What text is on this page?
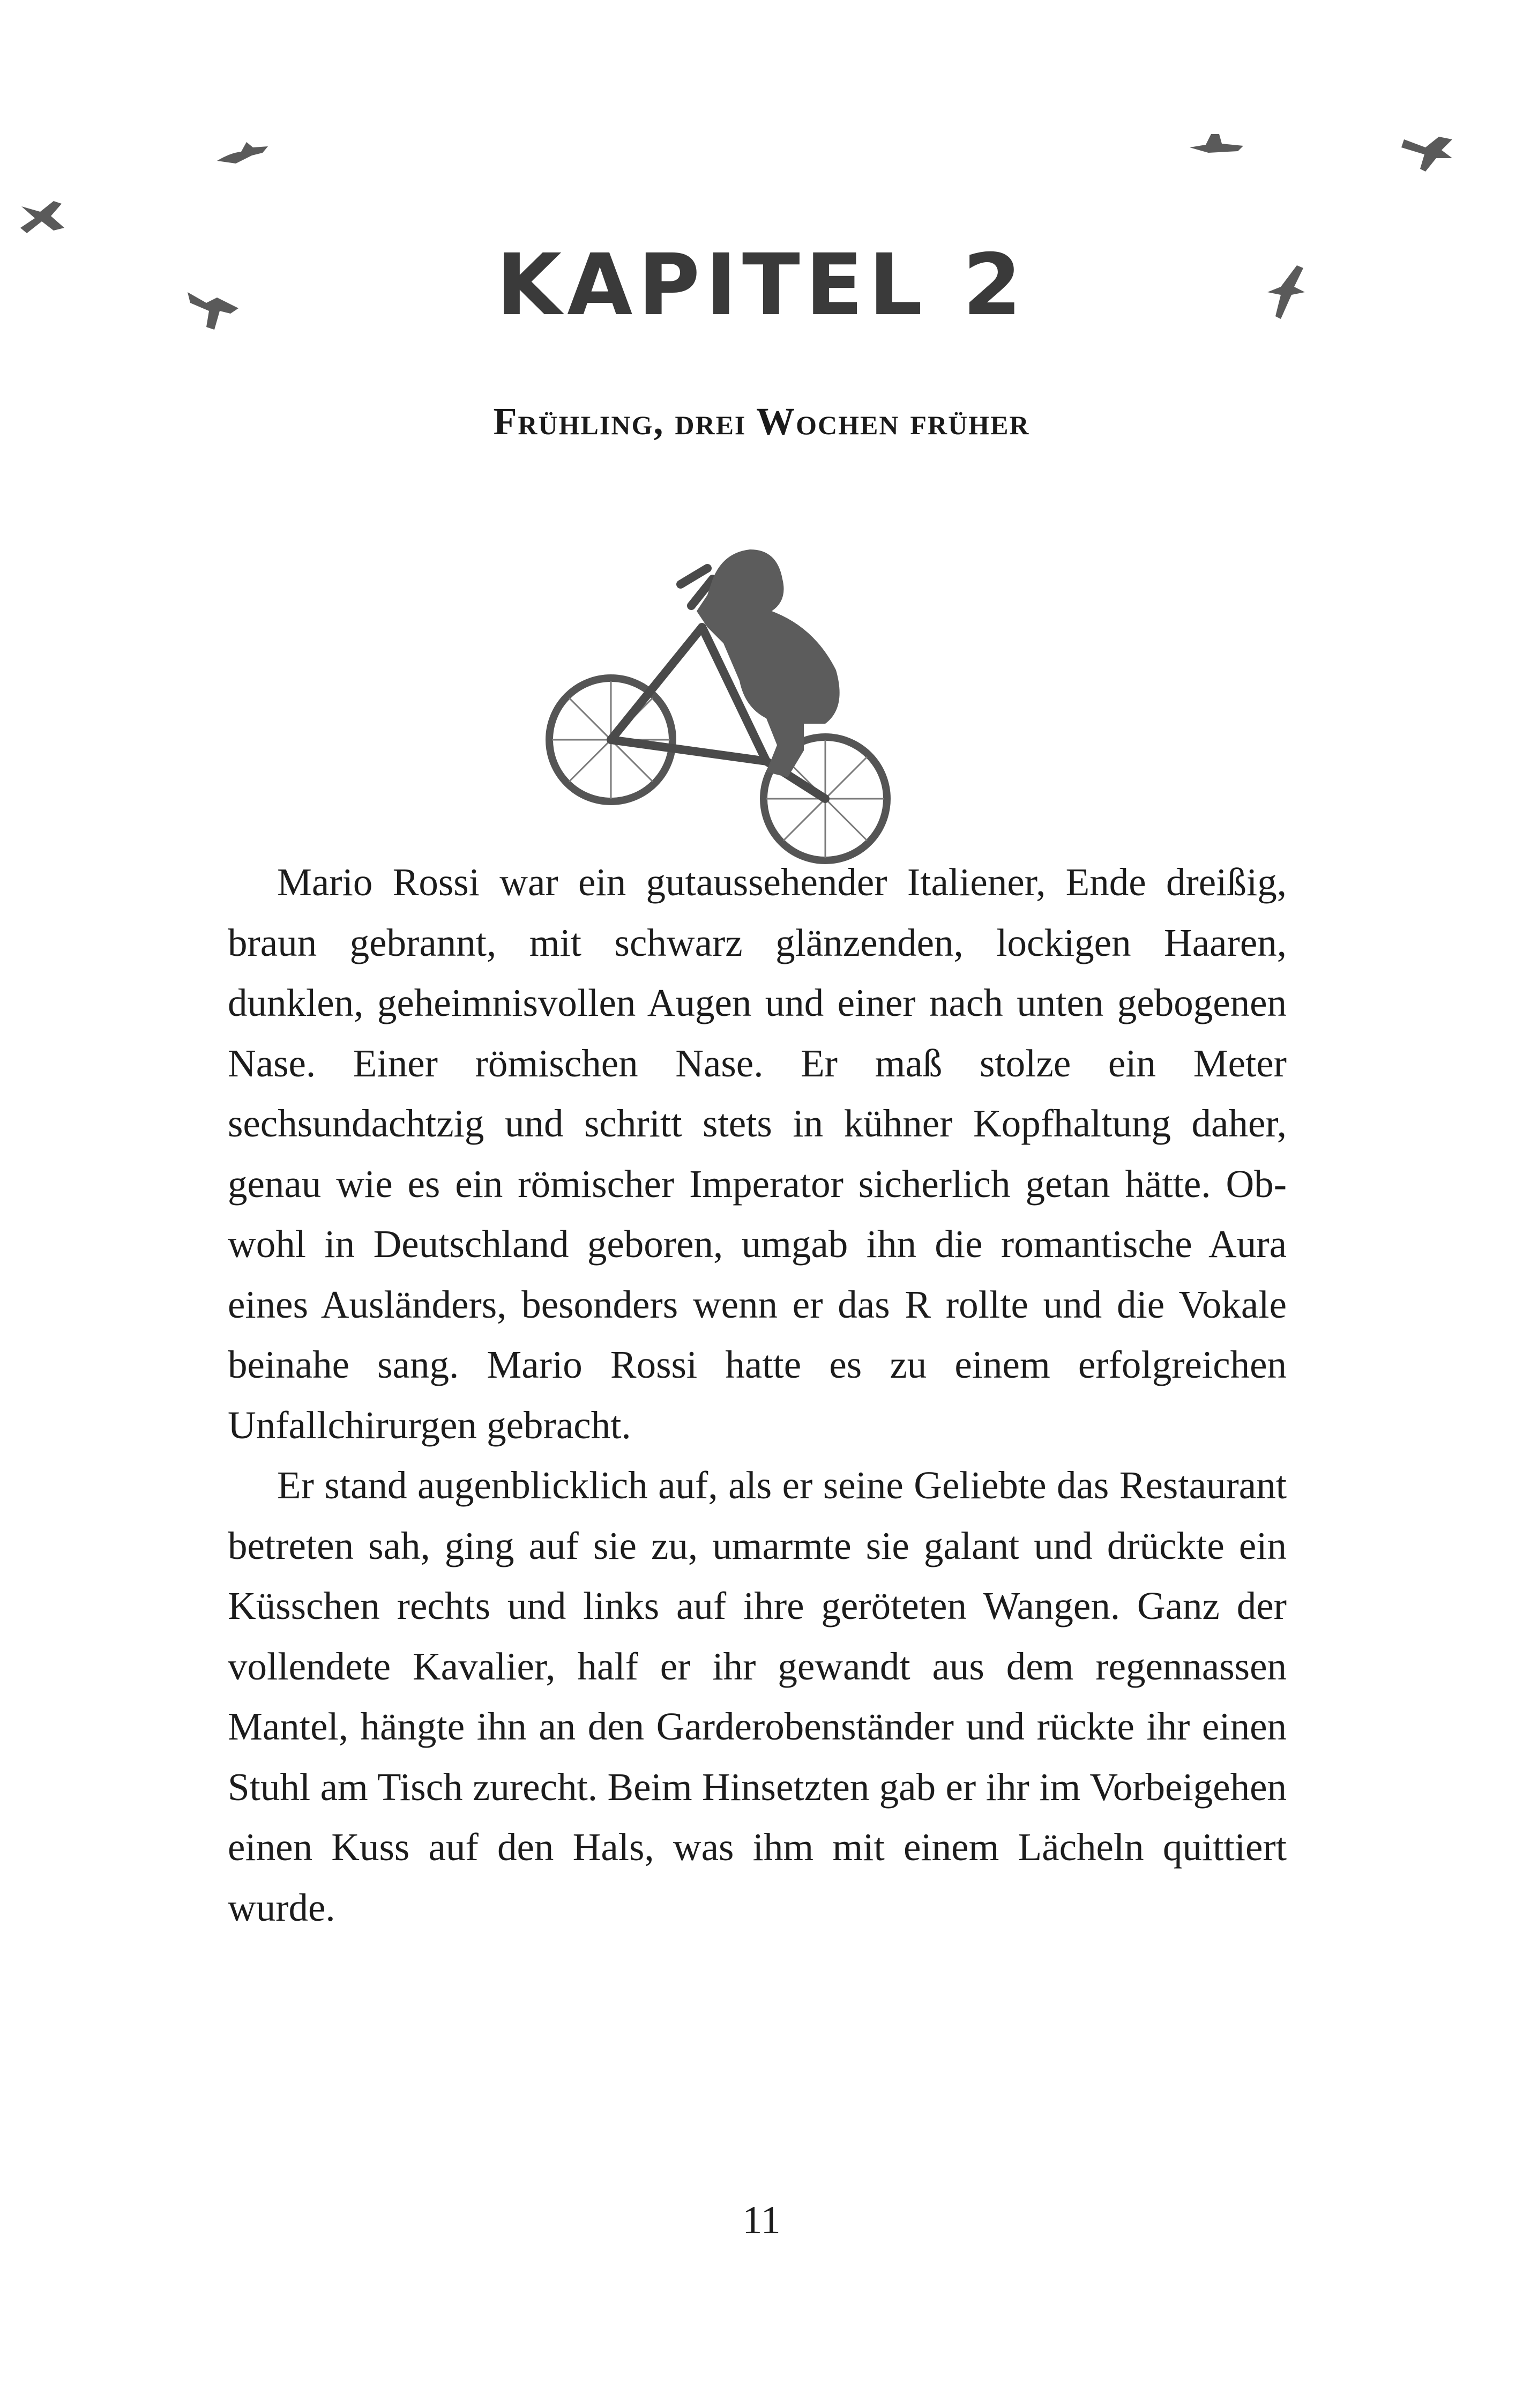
KAPITEL 2
Frühling, drei Wochen früher

Mario Rossi war ein gutaussehender Italiener, Ende dreißig, braun gebrannt, mit schwarz glänzenden, lockigen Haaren, dunklen, geheimnisvollen Augen und einer nach unten gebogenen Nase. Einer römischen Nase. Er maß stolze ein Meter sechsundachtzig und schritt stets in kühner Kopfhaltung daher, genau wie es ein römischer Imperator sicherlich getan hätte. Obwohl in Deutschland geboren, umgab ihn die romantische Aura eines Ausländers, besonders wenn er das R rollte und die Vokale beinahe sang. Mario Rossi hatte es zu einem erfolgreichen Unfallchirurgen gebracht.

Er stand augenblicklich auf, als er seine Geliebte das Restaurant betreten sah, ging auf sie zu, umarmte sie galant und drückte ein Küsschen rechts und links auf ihre geröteten Wangen. Ganz der vollendete Kavalier, half er ihr gewandt aus dem regennassen Mantel, hängte ihn an den Garderobenständer und rückte ihr einen Stuhl am Tisch zurecht. Beim Hinsetzten gab er ihr im Vorbeigehen einen Kuss auf den Hals, was ihm mit einem Lächeln quittiert wurde.

11
